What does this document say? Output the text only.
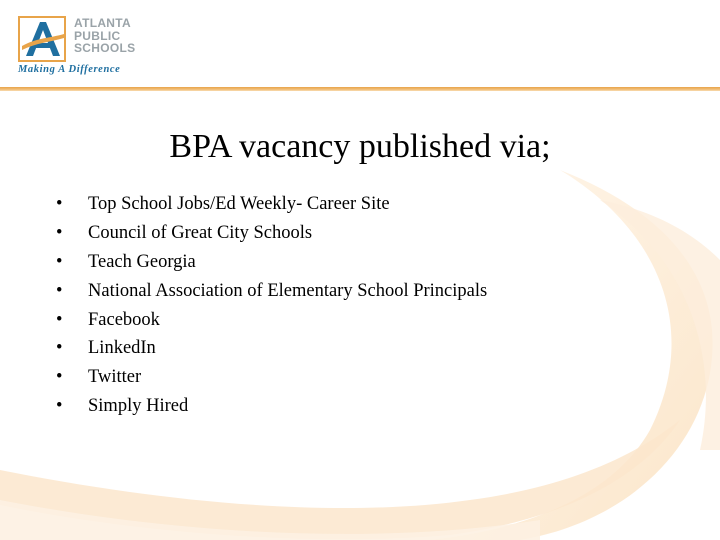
ATLANTA
PUBLIC
SCHOOLS
Making A Difference
BPA vacancy published via;
• Top School Jobs/Ed Weekly- Career Site
• Council of Great City Schools
• Teach Georgia
• National Association of Elementary School Principals
• Facebook
• LinkedIn
• Twitter
• Simply Hired
